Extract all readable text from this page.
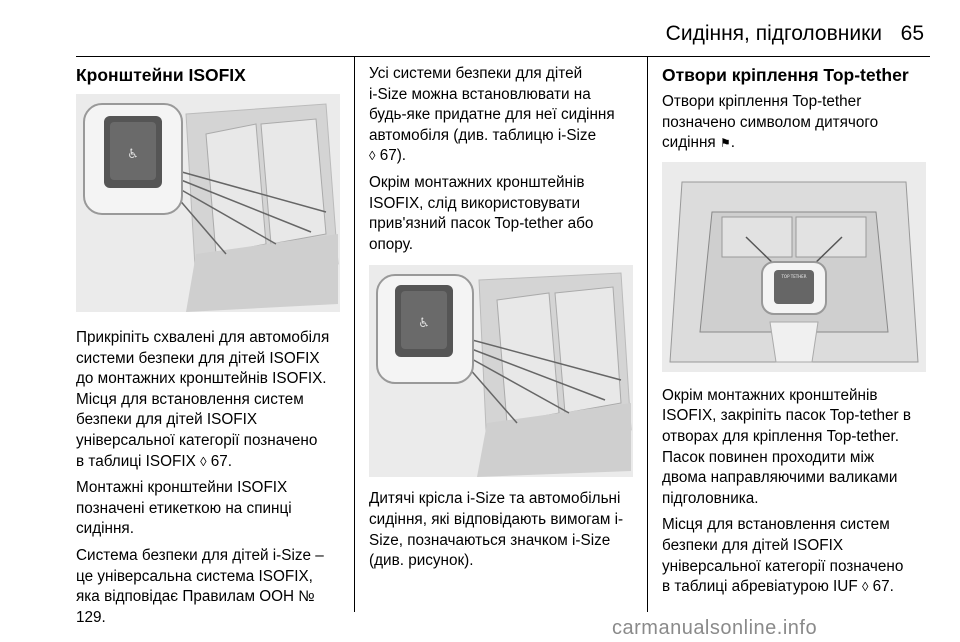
Сидіння, підголовники 65
Кронштейни ISOFIX
♿

Прикріпіть схвалені для автомобіля
системи безпеки для дітей ISOFIX
до монтажних кронштейнів ISOFIX.
Місця для встановлення систем
безпеки для дітей ISOFIX
універсальної категорії позначено
в таблиці ISOFIX ◊ 67.

Монтажні кронштейни ISOFIX
позначені етикеткою на спинці
сидіння.

Система безпеки для дітей i-Size –
це універсальна система ISOFIX,
яка відповідає Правилам ООН №
129.

Усі системи безпеки для дітей
i-Size можна встановлювати на
будь-яке придатне для неї сидіння
автомобіля (див. таблицю i-Size
◊ 67).

Окрім монтажних кронштейнів
ISOFIX, слід використовувати
прив'язний пасок Top-tether або
опору.

♿

Дитячі крісла i-Size та автомобільні
сидіння, які відповідають вимогам i-
Size, позначаються значком i-Size
(див. рисунок).

Отвори кріплення Top-tether

Отвори кріплення Top-tether
позначено символом дитячого
сидіння ⚑.

TOP TETHER

Окрім монтажних кронштейнів
ISOFIX, закріпіть пасок Top-tether в
отворах для кріплення Top-tether.
Пасок повинен проходити між
двома направляючими валиками
підголовника.

Місця для встановлення систем
безпеки для дітей ISOFIX
універсальної категорії позначено
в таблиці абревіатурою IUF ◊ 67.

carmanualsonline.info
